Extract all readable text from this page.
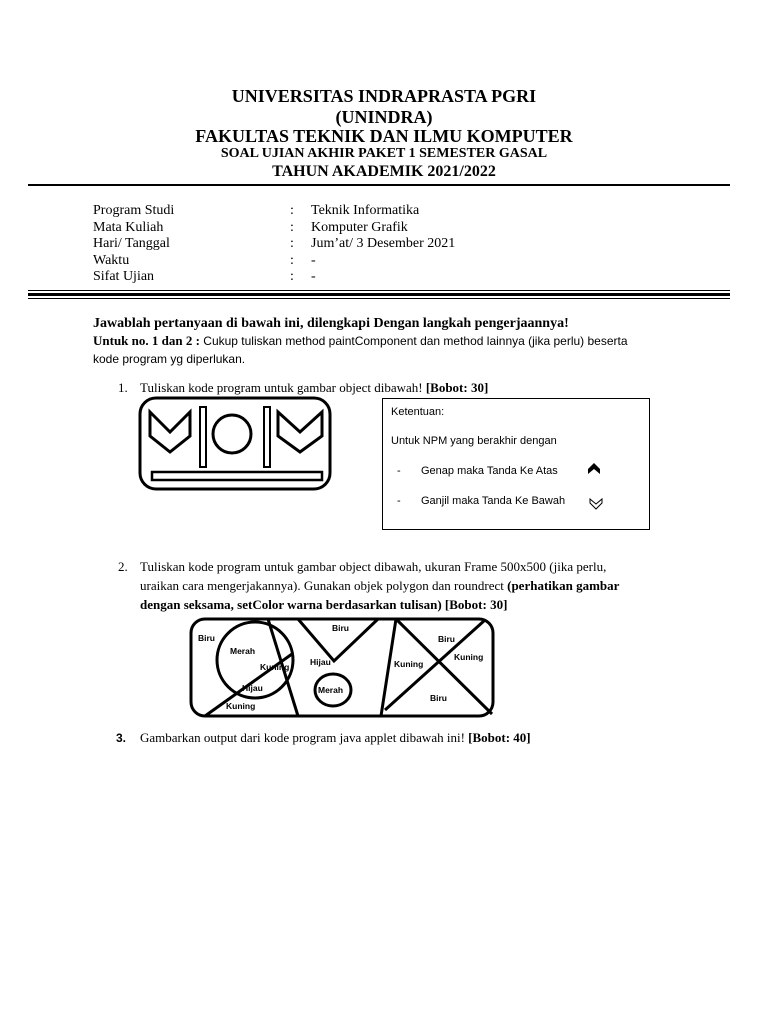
UNIVERSITAS INDRAPRASTA PGRI
(UNINDRA)
FAKULTAS TEKNIK DAN ILMU KOMPUTER
SOAL UJIAN AKHIR PAKET 1 SEMESTER GASAL
TAHUN AKADEMIK 2021/2022
Program Studi
Mata Kuliah
Hari/ Tanggal
Waktu
Sifat Ujian
:
:
:
:
:
Teknik Informatika
Komputer Grafik
Jum’at/ 3 Desember 2021
-
-
Jawablah pertanyaan di bawah ini, dilengkapi Dengan langkah pengerjaannya!
Untuk no. 1 dan 2 : Cukup tuliskan method paintComponent dan method lainnya (jika perlu) beserta
kode program yg diperlukan.
1. Tuliskan kode program untuk gambar object dibawah! [Bobot: 30]
Ketentuan:
Untuk NPM yang berakhir dengan
- Genap maka Tanda Ke Atas
- Ganjil maka Tanda Ke Bawah
2. Tuliskan kode program untuk gambar object dibawah, ukuran Frame 500x500 (jika perlu,
uraikan cara mengerjakannya). Gunakan objek polygon dan roundrect (perhatikan gambar
dengan seksama, setColor warna berdasarkan tulisan) [Bobot: 30]
Biru
Merah
Kuning
Hijau
Kuning
Biru
Hijau
Merah
Biru
Kuning
Kuning
Biru
3. Gambarkan output dari kode program java applet dibawah ini! [Bobot: 40]
